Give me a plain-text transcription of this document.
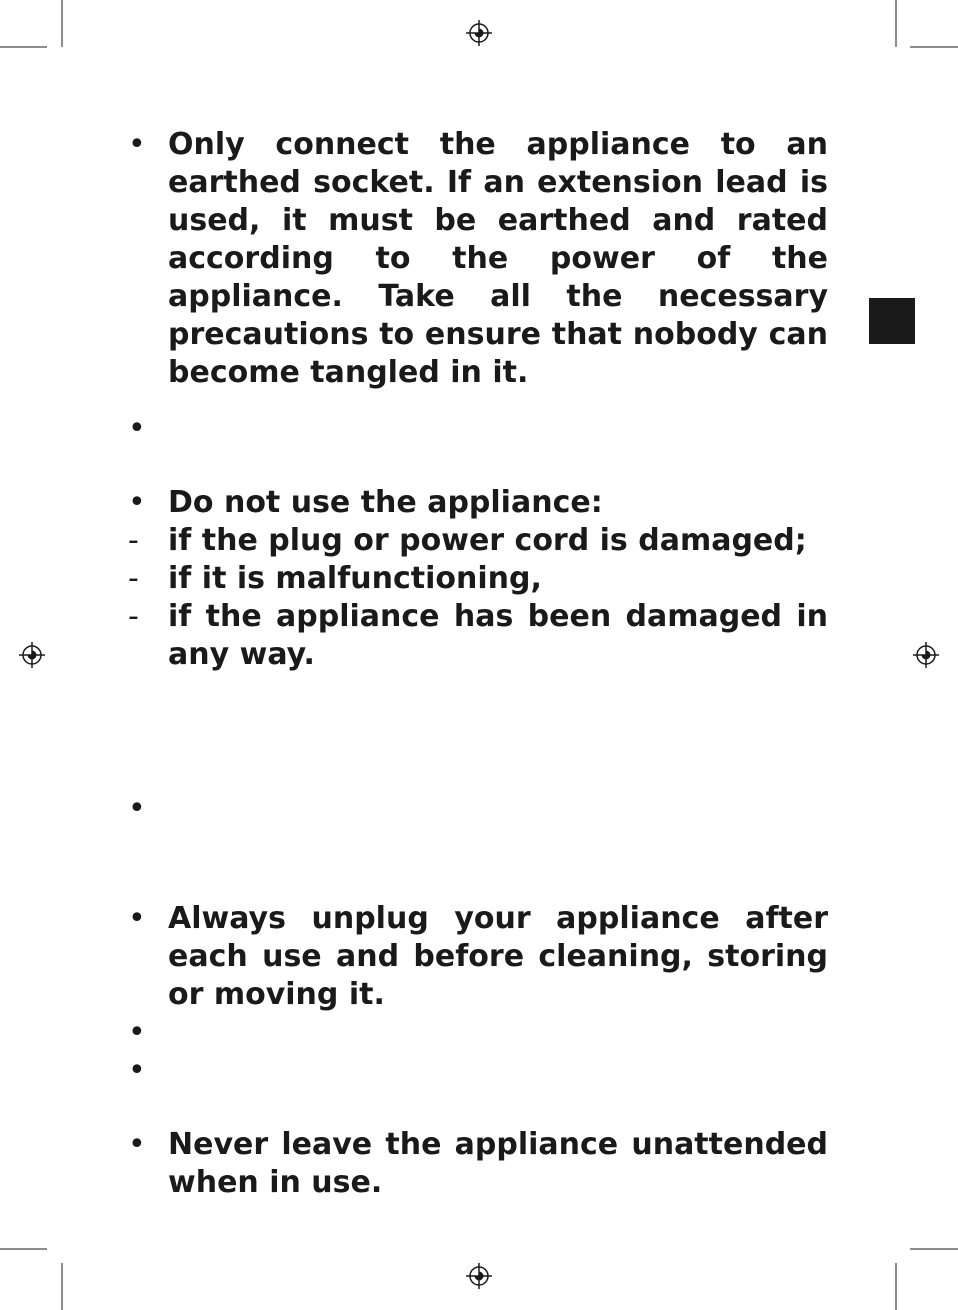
• Only connect the appliance to an earthed socket. If an extension lead is used, it must be earthed and rated according to the power of the appliance. Take all the necessary precautions to ensure that nobody can become tangled in it.
•

• Do not use the appliance:
- if the plug or power cord is damaged;
- if it is malfunctioning,
- if the appliance has been damaged in any way.
•

• Always unplug your appliance after each use and before cleaning, storing or moving it.
•

•

• Never leave the appliance unattended when in use.
